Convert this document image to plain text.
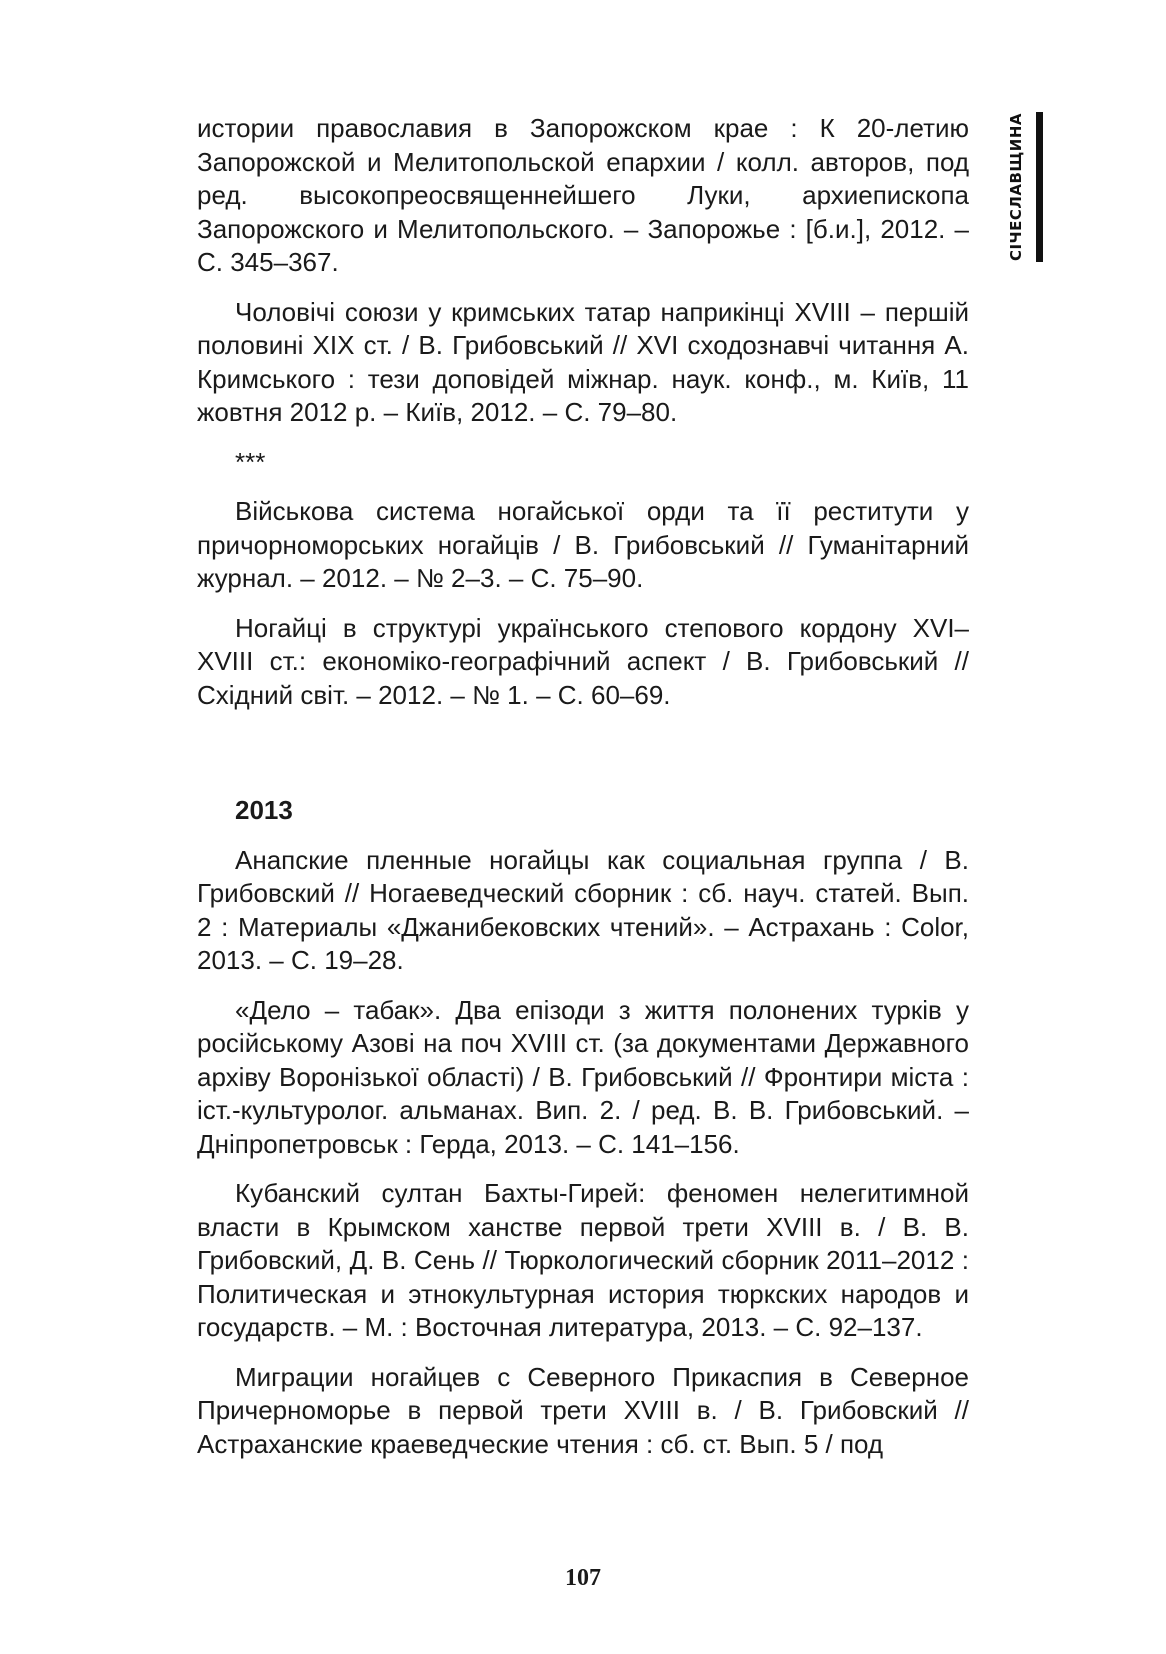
СІЧЕСЛАВЩИНА

истории православия в Запорожском крае : К 20-летию Запорожской и Мелитопольской епархии / колл. авторов, под ред. высокопреосвященнейшего Луки, архиепископа Запорожского и Мелитопольского. – Запорожье : [б.и.], 2012. – С. 345–367.

Чоловічі союзи у кримських татар наприкінці XVIII – першій половині XIX ст. / В. Грибовський // XVI сходознавчі читання А. Кримського : тези доповідей міжнар. наук. конф., м. Київ, 11 жовтня 2012 р. – Київ, 2012. – С. 79–80.

***

Військова система ногайської орди та її реститути у причорноморських ногайців / В. Грибовський // Гуманітарний журнал. – 2012. – № 2–3. – С. 75–90.

Ногайці в структурі українського степового кордону XVI–XVIII ст.: економіко-географічний аспект / В. Грибовський // Східний світ. – 2012. – № 1. – С. 60–69.

2013

Анапские пленные ногайцы как социальная группа / В. Грибовский // Ногаеведческий сборник : сб. науч. статей. Вып. 2 : Материалы «Джанибековских чтений». – Астрахань : Color, 2013. – С. 19–28.

«Дело – табак». Два епізоди з життя полонених турків у російському Азові на поч XVIII ст. (за документами Державного архіву Воронізької області) / В. Грибовський // Фронтири міста : іст.-культуролог. альманах. Вип. 2. / ред. В. В. Грибовський. – Дніпропетровськ : Герда, 2013. – С. 141–156.

Кубанский султан Бахты-Гирей: феномен нелегитимной власти в Крымском ханстве первой трети XVIII в. / В. В. Грибовский, Д. В. Сень // Тюркологический сборник 2011–2012 : Политическая и этнокультурная история тюркских народов и государств. – М. : Восточная литература, 2013. – С. 92–137.

Миграции ногайцев с Северного Прикаспия в Северное Причерноморье в первой трети XVIII в. / В. Грибовский // Астраханские краеведческие чтения : сб. ст. Вып. 5 / под

107
